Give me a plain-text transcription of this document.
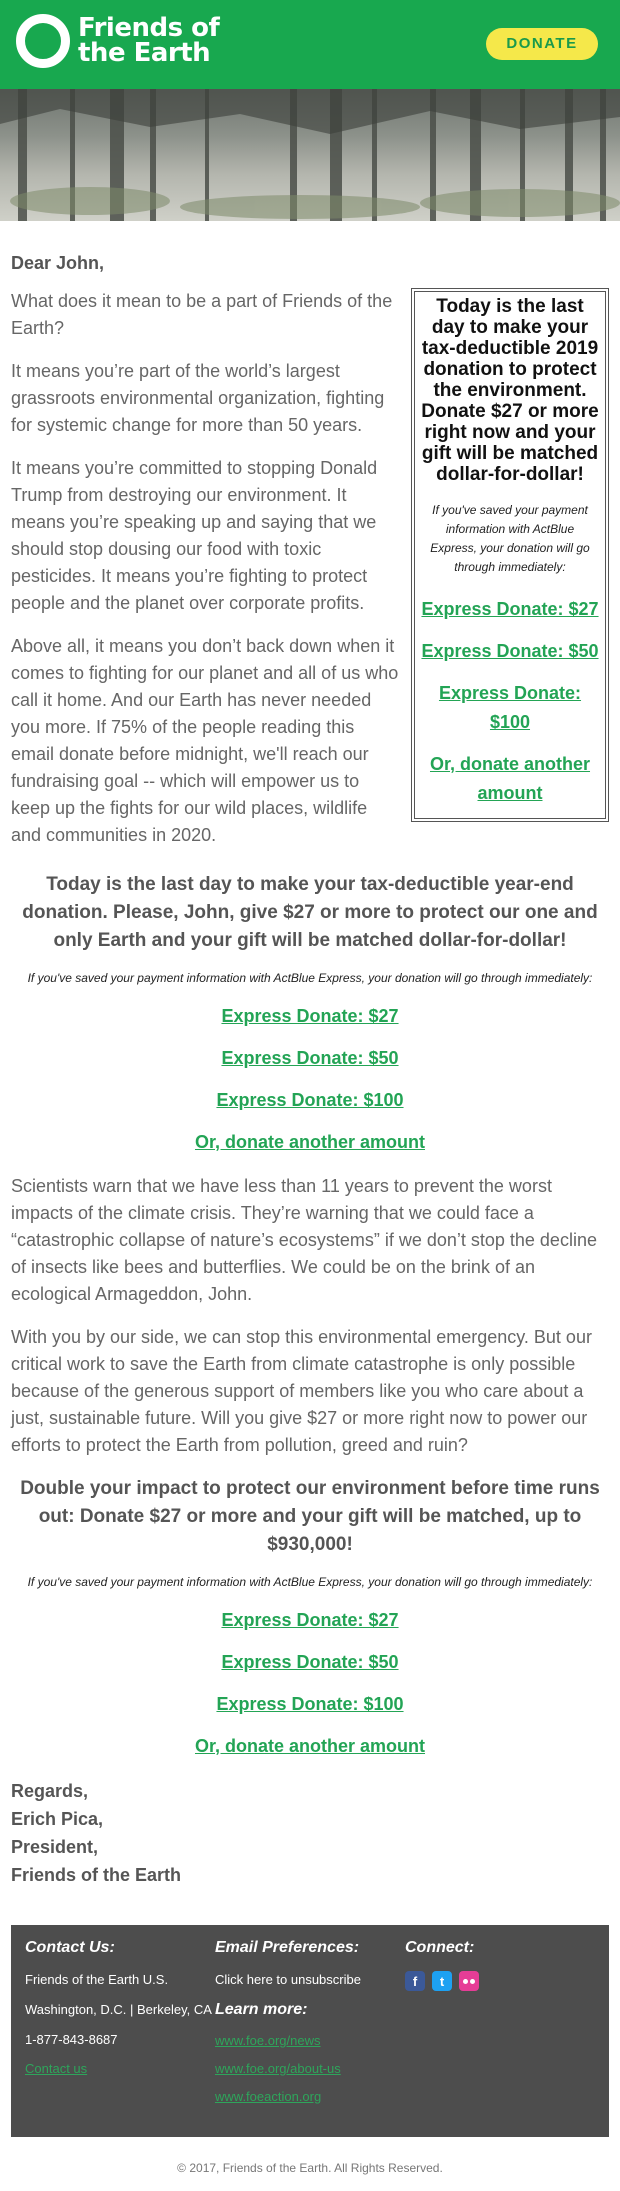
Friends of
the Earth	DONATE
Dear John,
Today is the last day to make your tax-deductible 2019 donation to protect the environment. Donate $27 or more right now and your gift will be matched dollar-for-dollar!
If you've saved your payment information with ActBlue Express, your donation will go through immediately:
Express Donate: $27
Express Donate: $50
Express Donate: $100
Or, donate another amount

What does it mean to be a part of Friends of the Earth?

It means you’re part of the world’s largest grassroots environmental organization, fighting for systemic change for more than 50 years.

It means you’re committed to stopping Donald Trump from destroying our environment. It means you’re speaking up and saying that we should stop dousing our food with toxic pesticides. It means you’re fighting to protect people and the planet over corporate profits.

Above all, it means you don’t back down when it comes to fighting for our planet and all of us who call it home. And our Earth has never needed you more. If 75% of the people reading this email donate before midnight, we'll reach our fundraising goal -- which will empower us to keep up the fights for our wild places, wildlife and communities in 2020.

Today is the last day to make your tax-deductible year-end donation. Please, John, give $27 or more to protect our one and only Earth and your gift will be matched dollar-for-dollar!
If you've saved your payment information with ActBlue Express, your donation will go through immediately:
Express Donate: $27
Express Donate: $50
Express Donate: $100
Or, donate another amount

Scientists warn that we have less than 11 years to prevent the worst impacts of the climate crisis. They’re warning that we could face a “catastrophic collapse of nature’s ecosystems” if we don’t stop the decline of insects like bees and butterflies. We could be on the brink of an ecological Armageddon, John.

With you by our side, we can stop this environmental emergency. But our critical work to save the Earth from climate catastrophe is only possible because of the generous support of members like you who care about a just, sustainable future. Will you give $27 or more right now to power our efforts to protect the Earth from pollution, greed and ruin?

Double your impact to protect our environment before time runs out: Donate $27 or more and your gift will be matched, up to $930,000!
If you've saved your payment information with ActBlue Express, your donation will go through immediately:
Express Donate: $27
Express Donate: $50
Express Donate: $100
Or, donate another amount
Regards,
Erich Pica,
President,
Friends of the Earth
Contact Us:
Friends of the Earth U.S.
Washington, D.C. | Berkeley, CA
1-877-843-8687
Contact us
Email Preferences:
Click here to unsubscribe
Learn more:
www.foe.org/news
www.foe.org/about-us
www.foeaction.org
Connect:
f	t
© 2017, Friends of the Earth. All Rights Reserved.
